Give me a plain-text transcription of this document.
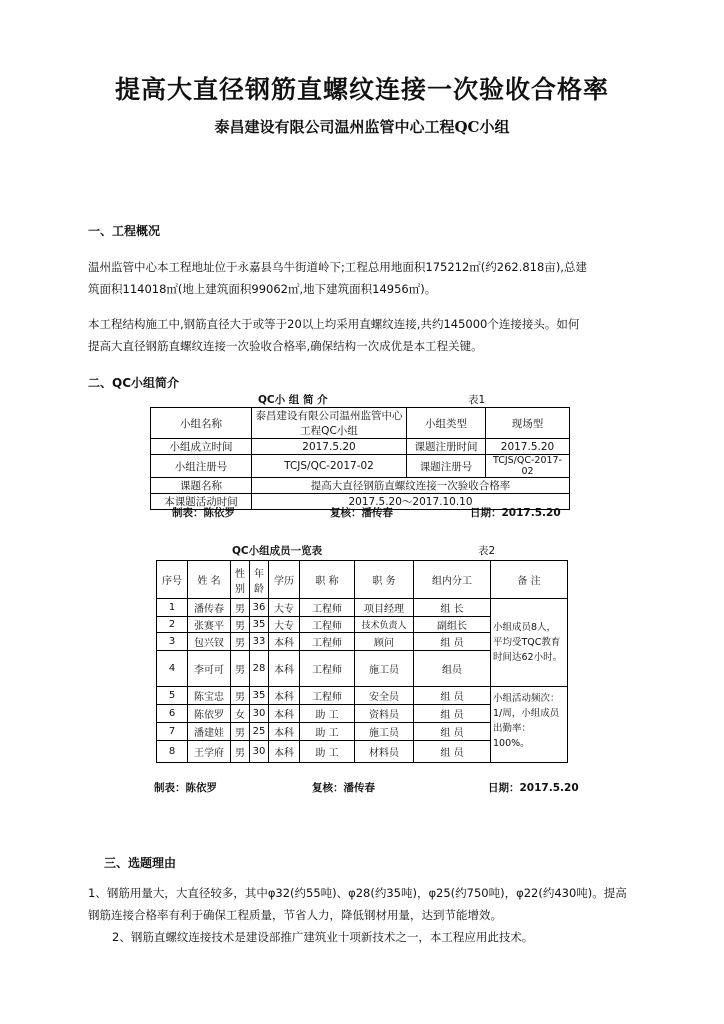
提高大直径钢筋直螺纹连接一次验收合格率
泰昌建设有限公司温州监管中心工程QC小组
一、工程概况
温州监管中心本工程地址位于永嘉县乌牛街道岭下;工程总用地面积175212㎡(约262.818亩),总建
筑面积114018㎡(地上建筑面积99062㎡,地下建筑面积14956㎡)。
本工程结构施工中,钢筋直径大于或等于20以上均采用直螺纹连接,共约145000个连接接头。如何
提高大直径钢筋直螺纹连接一次验收合格率,确保结构一次成优是本工程关键。
二、QC小组简介
QC小 组 简 介	表1
小组名称	泰昌建设有限公司温州监管中心工程QC小组	小组类型	现场型
小组成立时间	2017.5.20	课题注册时间	2017.5.20
小组注册号	TCJS/QC-2017-02	课题注册号	TCJS/QC-2017-02
课题名称	提高大直径钢筋直螺纹连接一次验收合格率		
本课题活动时间	2017.5.20～2017.10.10		
制表：陈依罗	复核：潘传春	日期：2017.5.20
QC小组成员一览表	表2
序号	姓 名	性别	年龄	学历	职 称	职 务	组内分工	备 注
1	潘传春	男	36	大专	工程师	项目经理	组 长	小组成员8人，平均受TQC教育时间达62小时。
2	张赛平	男	35	大专	工程师	技术负责人	副组长	
3	包兴钗	男	33	本科	工程师	顾问	组 员	
4	李可可	男	28	本科	工程师	施工员	组员	
5	陈宝忠	男	35	本科	工程师	安全员	组 员	小组活动频次：1/周，小组成员出勤率：100%。
6	陈依罗	女	30	本科	助 工	资料员	组 员	
7	潘建娃	男	25	本科	助 工	施工员	组 员	
8	王学府	男	30	本科	助 工	材料员	组 员	
制表：陈依罗	复核：潘传春	日期：2017.5.20
三、选题理由
1、钢筋用量大，大直径较多，其中φ32(约55吨)、φ28(约35吨)，φ25(约750吨)，φ22(约430吨)。提高
钢筋连接合格率有利于确保工程质量，节省人力，降低钢材用量，达到节能增效。
2、钢筋直螺纹连接技术是建设部推广建筑业十项新技术之一，本工程应用此技术。
